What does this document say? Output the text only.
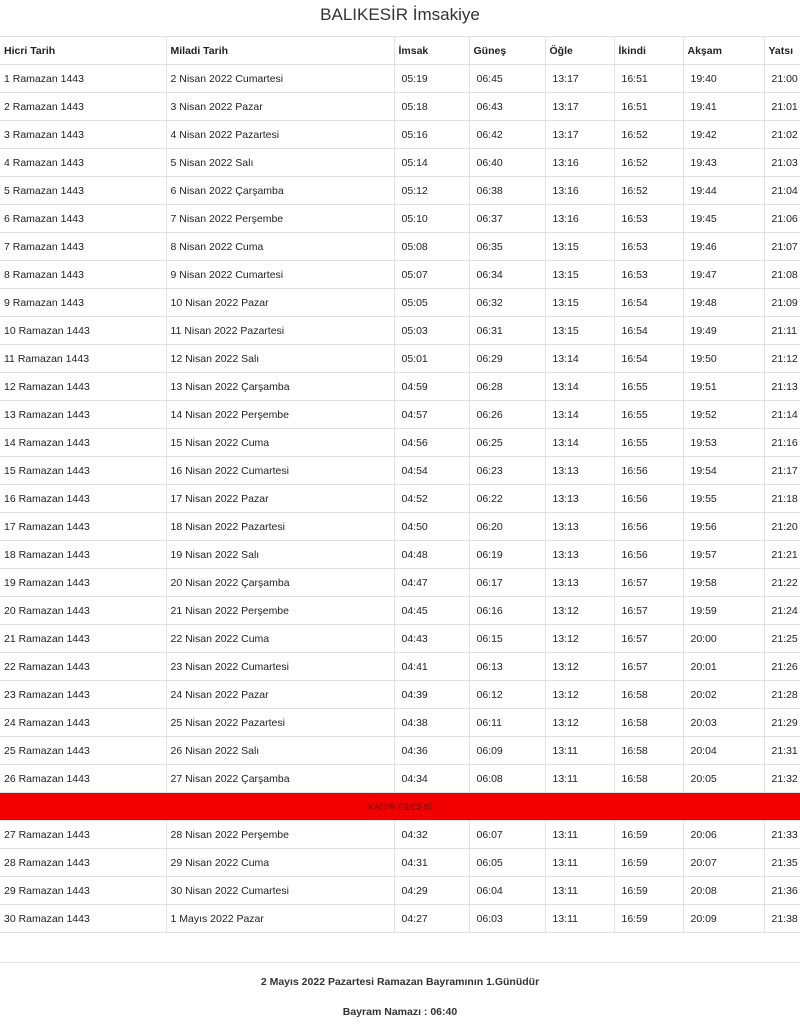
BALIKESİR İmsakiye
Hicri Tarih	Miladi Tarih	İmsak	Güneş	Öğle	İkindi	Akşam	Yatsı
1 Ramazan 1443	2 Nisan 2022 Cumartesi	05:19	06:45	13:17	16:51	19:40	21:00
2 Ramazan 1443	3 Nisan 2022 Pazar	05:18	06:43	13:17	16:51	19:41	21:01
3 Ramazan 1443	4 Nisan 2022 Pazartesi	05:16	06:42	13:17	16:52	19:42	21:02
4 Ramazan 1443	5 Nisan 2022 Salı	05:14	06:40	13:16	16:52	19:43	21:03
5 Ramazan 1443	6 Nisan 2022 Çarşamba	05:12	06:38	13:16	16:52	19:44	21:04
6 Ramazan 1443	7 Nisan 2022 Perşembe	05:10	06:37	13:16	16:53	19:45	21:06
7 Ramazan 1443	8 Nisan 2022 Cuma	05:08	06:35	13:15	16:53	19:46	21:07
8 Ramazan 1443	9 Nisan 2022 Cumartesi	05:07	06:34	13:15	16:53	19:47	21:08
9 Ramazan 1443	10 Nisan 2022 Pazar	05:05	06:32	13:15	16:54	19:48	21:09
10 Ramazan 1443	11 Nisan 2022 Pazartesi	05:03	06:31	13:15	16:54	19:49	21:11
11 Ramazan 1443	12 Nisan 2022 Salı	05:01	06:29	13:14	16:54	19:50	21:12
12 Ramazan 1443	13 Nisan 2022 Çarşamba	04:59	06:28	13:14	16:55	19:51	21:13
13 Ramazan 1443	14 Nisan 2022 Perşembe	04:57	06:26	13:14	16:55	19:52	21:14
14 Ramazan 1443	15 Nisan 2022 Cuma	04:56	06:25	13:14	16:55	19:53	21:16
15 Ramazan 1443	16 Nisan 2022 Cumartesi	04:54	06:23	13:13	16:56	19:54	21:17
16 Ramazan 1443	17 Nisan 2022 Pazar	04:52	06:22	13:13	16:56	19:55	21:18
17 Ramazan 1443	18 Nisan 2022 Pazartesi	04:50	06:20	13:13	16:56	19:56	21:20
18 Ramazan 1443	19 Nisan 2022 Salı	04:48	06:19	13:13	16:56	19:57	21:21
19 Ramazan 1443	20 Nisan 2022 Çarşamba	04:47	06:17	13:13	16:57	19:58	21:22
20 Ramazan 1443	21 Nisan 2022 Perşembe	04:45	06:16	13:12	16:57	19:59	21:24
21 Ramazan 1443	22 Nisan 2022 Cuma	04:43	06:15	13:12	16:57	20:00	21:25
22 Ramazan 1443	23 Nisan 2022 Cumartesi	04:41	06:13	13:12	16:57	20:01	21:26
23 Ramazan 1443	24 Nisan 2022 Pazar	04:39	06:12	13:12	16:58	20:02	21:28
24 Ramazan 1443	25 Nisan 2022 Pazartesi	04:38	06:11	13:12	16:58	20:03	21:29
25 Ramazan 1443	26 Nisan 2022 Salı	04:36	06:09	13:11	16:58	20:04	21:31
26 Ramazan 1443	27 Nisan 2022 Çarşamba	04:34	06:08	13:11	16:58	20:05	21:32
KADİR GECESİ							
27 Ramazan 1443	28 Nisan 2022 Perşembe	04:32	06:07	13:11	16:59	20:06	21:33
28 Ramazan 1443	29 Nisan 2022 Cuma	04:31	06:05	13:11	16:59	20:07	21:35
29 Ramazan 1443	30 Nisan 2022 Cumartesi	04:29	06:04	13:11	16:59	20:08	21:36
30 Ramazan 1443	1 Mayıs 2022 Pazar	04:27	06:03	13:11	16:59	20:09	21:38
2 Mayıs 2022 Pazartesi Ramazan Bayramının 1.Günüdür
Bayram Namazı : 06:40
